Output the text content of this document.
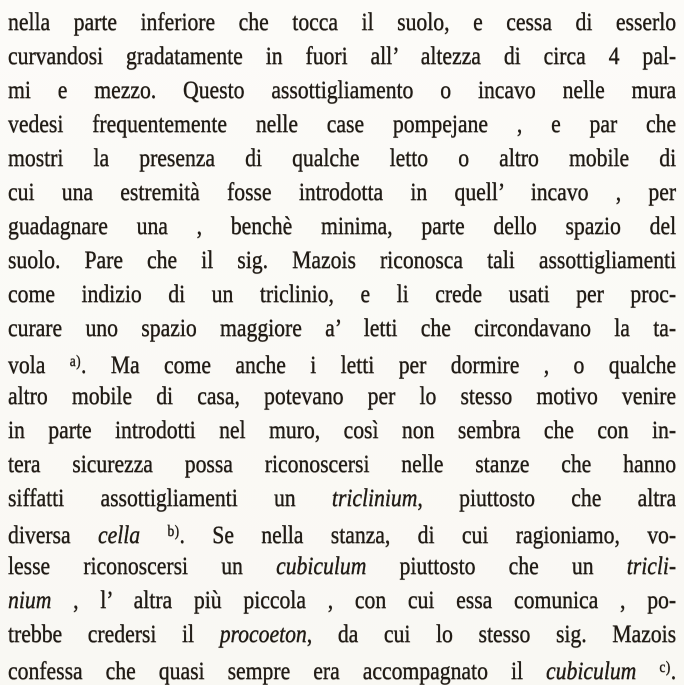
nella parte inferiore che tocca il suolo, e cessa di esserlo
curvandosi gradatamente in fuori all’ altezza di circa 4 pal-
mi e mezzo. Questo assottigliamento o incavo nelle mura
vedesi frequentemente nelle case pompejane , e par che
mostri la presenza di qualche letto o altro mobile di
cui una estremità fosse introdotta in quell’ incavo , per
guadagnare una , benchè minima, parte dello spazio del
suolo. Pare che il sig. Mazois riconosca tali assottigliamenti
come indizio di un triclinio, e li crede usati per proc-
curare uno spazio maggiore a’ letti che circondavano la ta-
vola $^{a)}$. Ma come anche i letti per dormire , o qualche
altro mobile di casa, potevano per lo stesso motivo venire
in parte introdotti nel muro, così non sembra che con in-
tera sicurezza possa riconoscersi nelle stanze che hanno
siffatti assottigliamenti un triclinium, piuttosto che altra
diversa cella $^{b)}$. Se nella stanza, di cui ragioniamo, vo-
lesse riconoscersi un cubiculum piuttosto che un tricli-
nium , l’ altra più piccola , con cui essa comunica , po-
trebbe credersi il procoeton, da cui lo stesso sig. Mazois
confessa che quasi sempre era accompagnato il cubiculum $^{c)}$.
